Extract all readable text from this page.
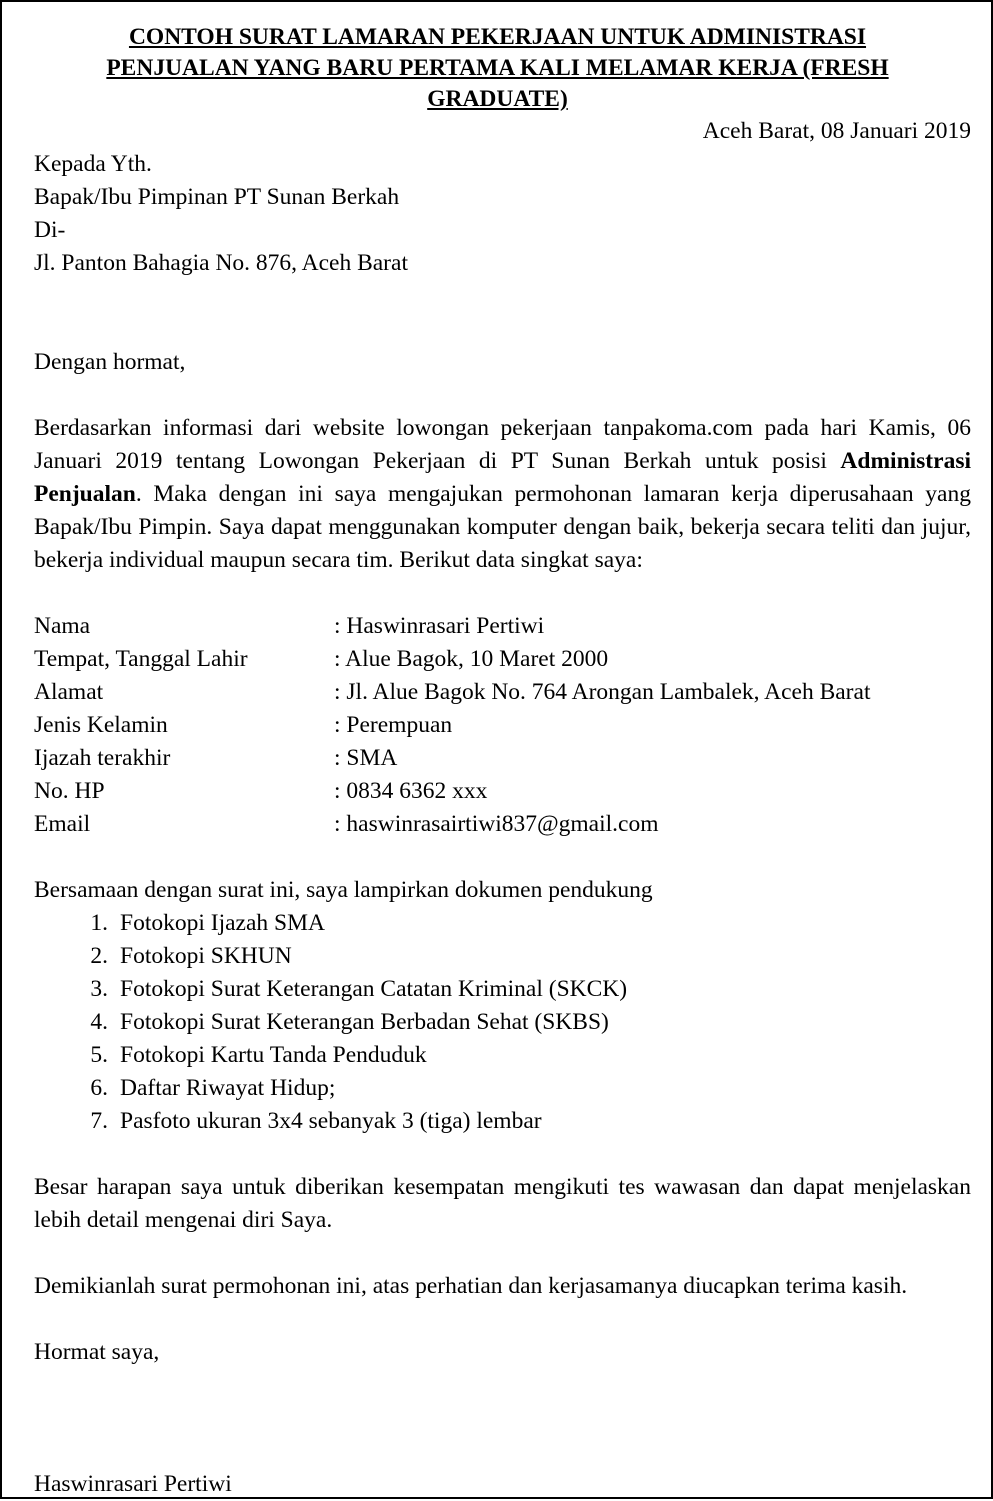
CONTOH SURAT LAMARAN PEKERJAAN UNTUK ADMINISTRASI
PENJUALAN YANG BARU PERTAMA KALI MELAMAR KERJA (FRESH
GRADUATE)
Aceh Barat, 08 Januari 2019

Kepada Yth.

Bapak/Ibu Pimpinan PT Sunan Berkah

Di-

Jl. Panton Bahagia No. 876, Aceh Barat

Dengan hormat,

Berdasarkan informasi dari website lowongan pekerjaan tanpakoma.com pada hari Kamis, 06 Januari 2019 tentang Lowongan Pekerjaan di PT Sunan Berkah untuk posisi Administrasi Penjualan. Maka dengan ini saya mengajukan permohonan lamaran kerja diperusahaan yang Bapak/Ibu Pimpin. Saya dapat menggunakan komputer dengan baik, bekerja secara teliti dan jujur, bekerja individual maupun secara tim. Berikut data singkat saya:

Nama	: Haswinrasari Pertiwi
Tempat, Tanggal Lahir	: Alue Bagok, 10 Maret 2000
Alamat	: Jl. Alue Bagok No. 764 Arongan Lambalek, Aceh Barat
Jenis Kelamin	: Perempuan
Ijazah terakhir	: SMA
No. HP	: 0834 6362 xxx
Email	: haswinrasairtiwi837@gmail.com
Bersamaan dengan surat ini, saya lampirkan dokumen pendukung
1. Fotokopi Ijazah SMA
2. Fotokopi SKHUN
3. Fotokopi Surat Keterangan Catatan Kriminal (SKCK)
4. Fotokopi Surat Keterangan Berbadan Sehat (SKBS)
5. Fotokopi Kartu Tanda Penduduk
6. Daftar Riwayat Hidup;
7. Pasfoto ukuran 3x4 sebanyak 3 (tiga) lembar
Besar harapan saya untuk diberikan kesempatan mengikuti tes wawasan dan dapat menjelaskan lebih detail mengenai diri Saya.
Demikianlah surat permohonan ini, atas perhatian dan kerjasamanya diucapkan terima kasih.
Hormat saya,
Haswinrasari Pertiwi
